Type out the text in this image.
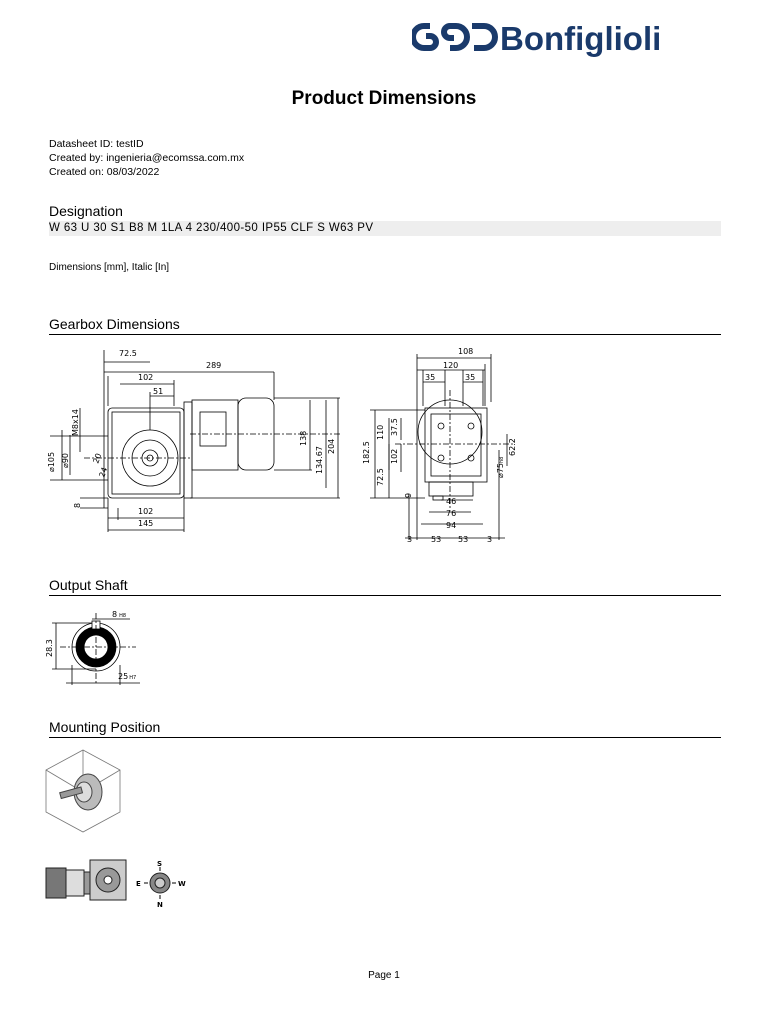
Bonfiglioli
Product Dimensions
Datasheet ID: testID
Created by: ingenieria@ecomssa.com.mx
Created on: 08/03/2022
Designation
W 63 U 30 S1 B8 M 1LA 4 230/400-50 IP55 CLF S W63 PV
Dimensions [mm], Italic [In]
Gearbox Dimensions
72.5
289
102
51
138
134.67 204
M8x14
⌀105 ⌀90	20
24
8
102
145
108
120
35	35
182.5
110 37.5
102
72.5
62.2
⌀75h8
9
46
76
94
3 53 53 3
Output Shaft
8 H8
28.3
25H7
Mounting Position
S
E	W
N
Page 1
